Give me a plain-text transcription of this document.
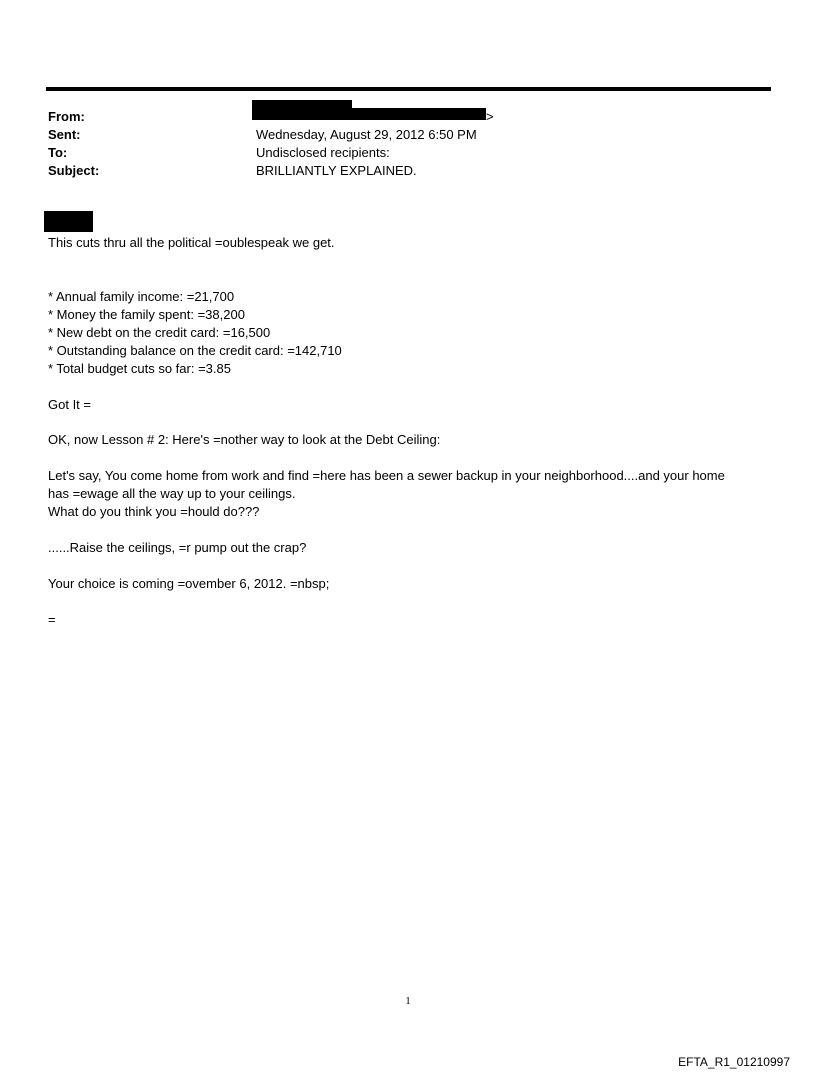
From:	>
Sent:	Wednesday, August 29, 2012 6:50 PM
To:	Undisclosed recipients:
Subject:	BRILLIANTLY EXPLAINED.
This cuts thru all the political =oublespeak we get.
* Annual family income: =21,700
* Money the family spent: =38,200
* New debt on the credit card: =16,500
* Outstanding balance on the credit card: =142,710
* Total budget cuts so far: =3.85
Got It =
OK, now Lesson # 2: Here's =nother way to look at the Debt Ceiling:
Let's say, You come home from work and find =here has been a sewer backup in your neighborhood....and your home
has =ewage all the way up to your ceilings.
What do you think you =hould do???
......Raise the ceilings, =r pump out the crap?
Your choice is coming =ovember 6, 2012. =nbsp;
=
1
EFTA_R1_01210997
